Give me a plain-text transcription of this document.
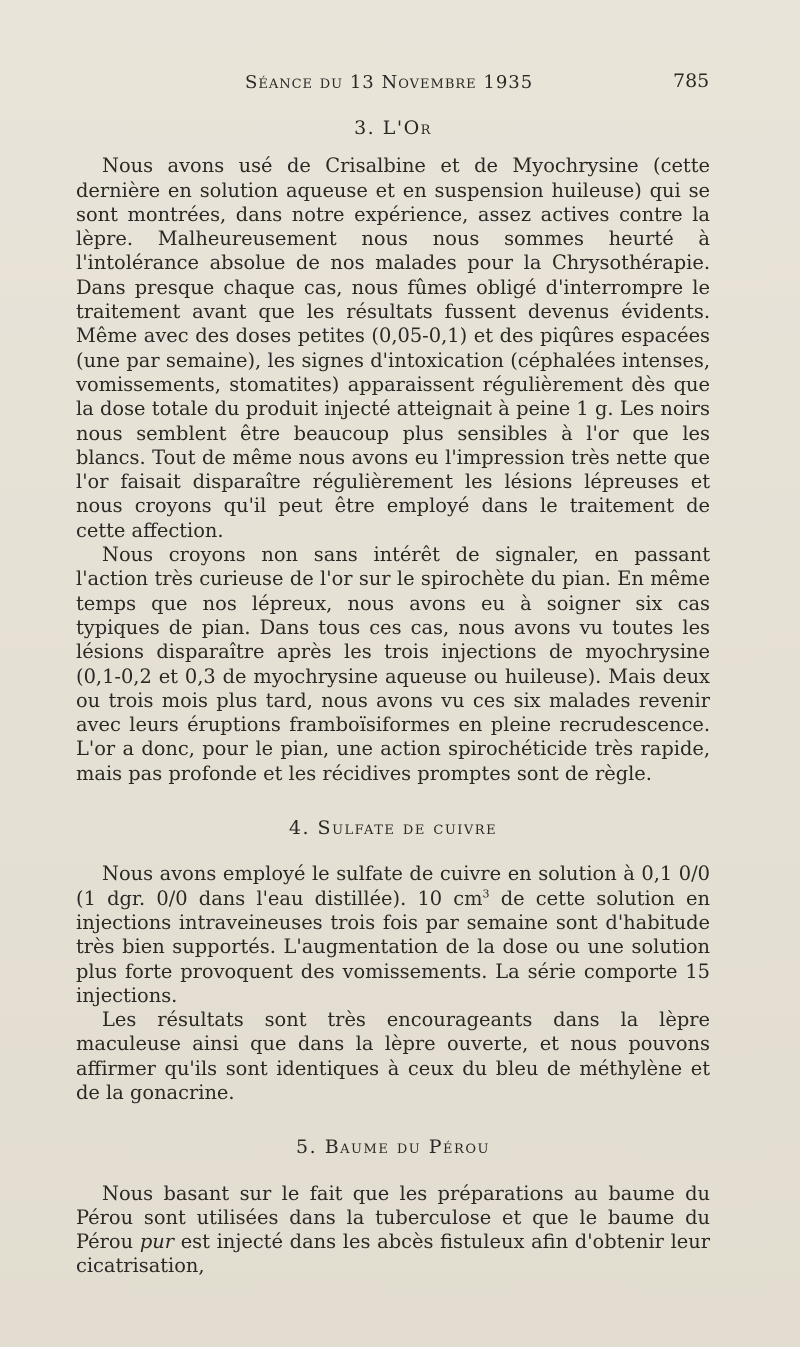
Séance du 13 Novembre 1935	785
3. L'Or

Nous avons usé de Crisalbine et de Myochrysine (cette dernière en solution aqueuse et en suspension huileuse) qui se sont montrées, dans notre expérience, assez actives contre la lèpre. Malheureusement nous nous sommes heurté à l'intolérance absolue de nos malades pour la Chrysothérapie. Dans presque chaque cas, nous fûmes obligé d'interrompre le traitement avant que les résultats fussent devenus évidents. Même avec des doses petites (0,05-0,1) et des piqûres espacées (une par semaine), les signes d'intoxication (céphalées intenses, vomissements, stomatites) apparaissent régulièrement dès que la dose totale du produit injecté atteignait à peine 1 g. Les noirs nous semblent être beaucoup plus sensibles à l'or que les blancs. Tout de même nous avons eu l'impression très nette que l'or faisait disparaître régulièrement les lésions lépreuses et nous croyons qu'il peut être employé dans le traitement de cette affection.

Nous croyons non sans intérêt de signaler, en passant l'action très curieuse de l'or sur le spirochète du pian. En même temps que nos lépreux, nous avons eu à soigner six cas typiques de pian. Dans tous ces cas, nous avons vu toutes les lésions disparaître après les trois injections de myochrysine (0,1-0,2 et 0,3 de myochrysine aqueuse ou huileuse). Mais deux ou trois mois plus tard, nous avons vu ces six malades revenir avec leurs éruptions framboïsiformes en pleine recrudescence. L'or a donc, pour le pian, une action spirochéticide très rapide, mais pas profonde et les récidives promptes sont de règle.

4. Sulfate de cuivre

Nous avons employé le sulfate de cuivre en solution à 0,1 0/0 (1 dgr. 0/0 dans l'eau distillée). 10 $cm^3$ de cette solution en injections intraveineuses trois fois par semaine sont d'habitude très bien supportés. L'augmentation de la dose ou une solution plus forte provoquent des vomissements. La série comporte 15 injections.

Les résultats sont très encourageants dans la lèpre maculeuse ainsi que dans la lèpre ouverte, et nous pouvons affirmer qu'ils sont identiques à ceux du bleu de méthylène et de la gonacrine.

5. Baume du Pérou

Nous basant sur le fait que les préparations au baume du Pérou sont utilisées dans la tuberculose et que le baume du Pérou pur est injecté dans les abcès fistuleux afin d'obtenir leur cicatrisation,
